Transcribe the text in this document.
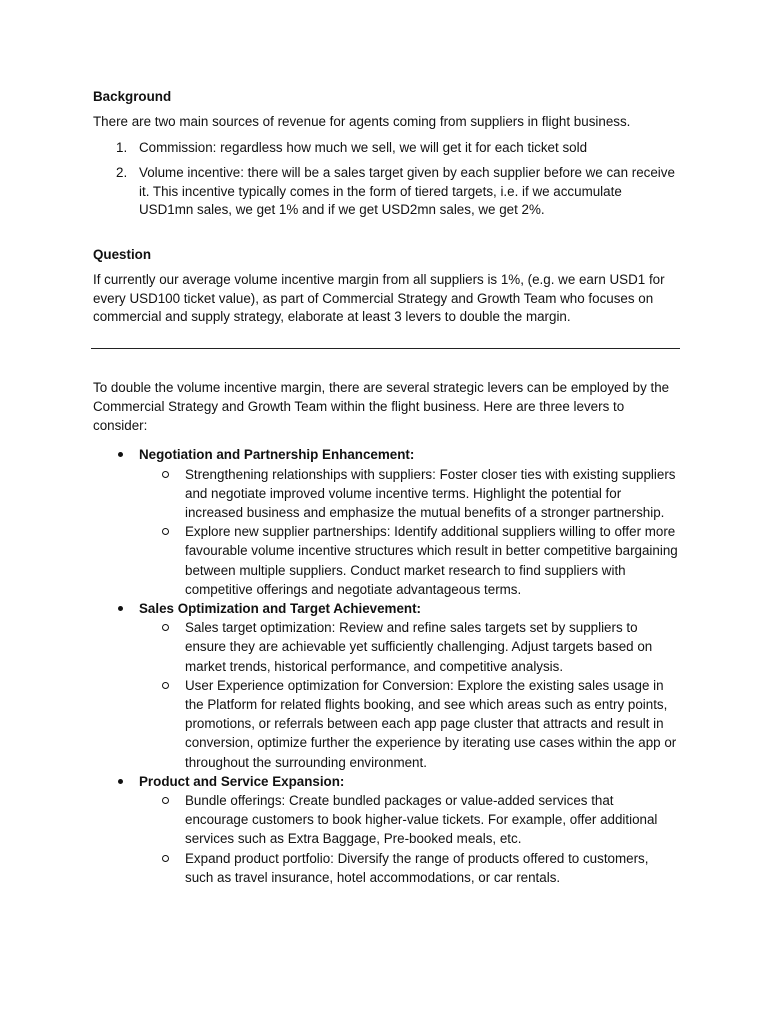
Background

There are two main sources of revenue for agents coming from suppliers in flight business.

1. Commission: regardless how much we sell, we will get it for each ticket sold
2. Volume incentive: there will be a sales target given by each supplier before we can receive it. This incentive typically comes in the form of tiered targets, i.e. if we accumulate USD1mn sales, we get 1% and if we get USD2mn sales, we get 2%.
Question

If currently our average volume incentive margin from all suppliers is 1%, (e.g. we earn USD1 for every USD100 ticket value), as part of Commercial Strategy and Growth Team who focuses on commercial and supply strategy, elaborate at least 3 levers to double the margin.

To double the volume incentive margin, there are several strategic levers can be employed by the Commercial Strategy and Growth Team within the flight business. Here are three levers to consider:

Negotiation and Partnership Enhancement:
Strengthening relationships with suppliers: Foster closer ties with existing suppliers and negotiate improved volume incentive terms. Highlight the potential for increased business and emphasize the mutual benefits of a stronger partnership.
Explore new supplier partnerships: Identify additional suppliers willing to offer more favourable volume incentive structures which result in better competitive bargaining between multiple suppliers. Conduct market research to find suppliers with competitive offerings and negotiate advantageous terms.
Sales Optimization and Target Achievement:
Sales target optimization: Review and refine sales targets set by suppliers to ensure they are achievable yet sufficiently challenging. Adjust targets based on market trends, historical performance, and competitive analysis.
User Experience optimization for Conversion: Explore the existing sales usage in the Platform for related flights booking, and see which areas such as entry points, promotions, or referrals between each app page cluster that attracts and result in conversion, optimize further the experience by iterating use cases within the app or throughout the surrounding environment.
Product and Service Expansion:
Bundle offerings: Create bundled packages or value-added services that encourage customers to book higher-value tickets. For example, offer additional services such as Extra Baggage, Pre-booked meals, etc.
Expand product portfolio: Diversify the range of products offered to customers, such as travel insurance, hotel accommodations, or car rentals.
